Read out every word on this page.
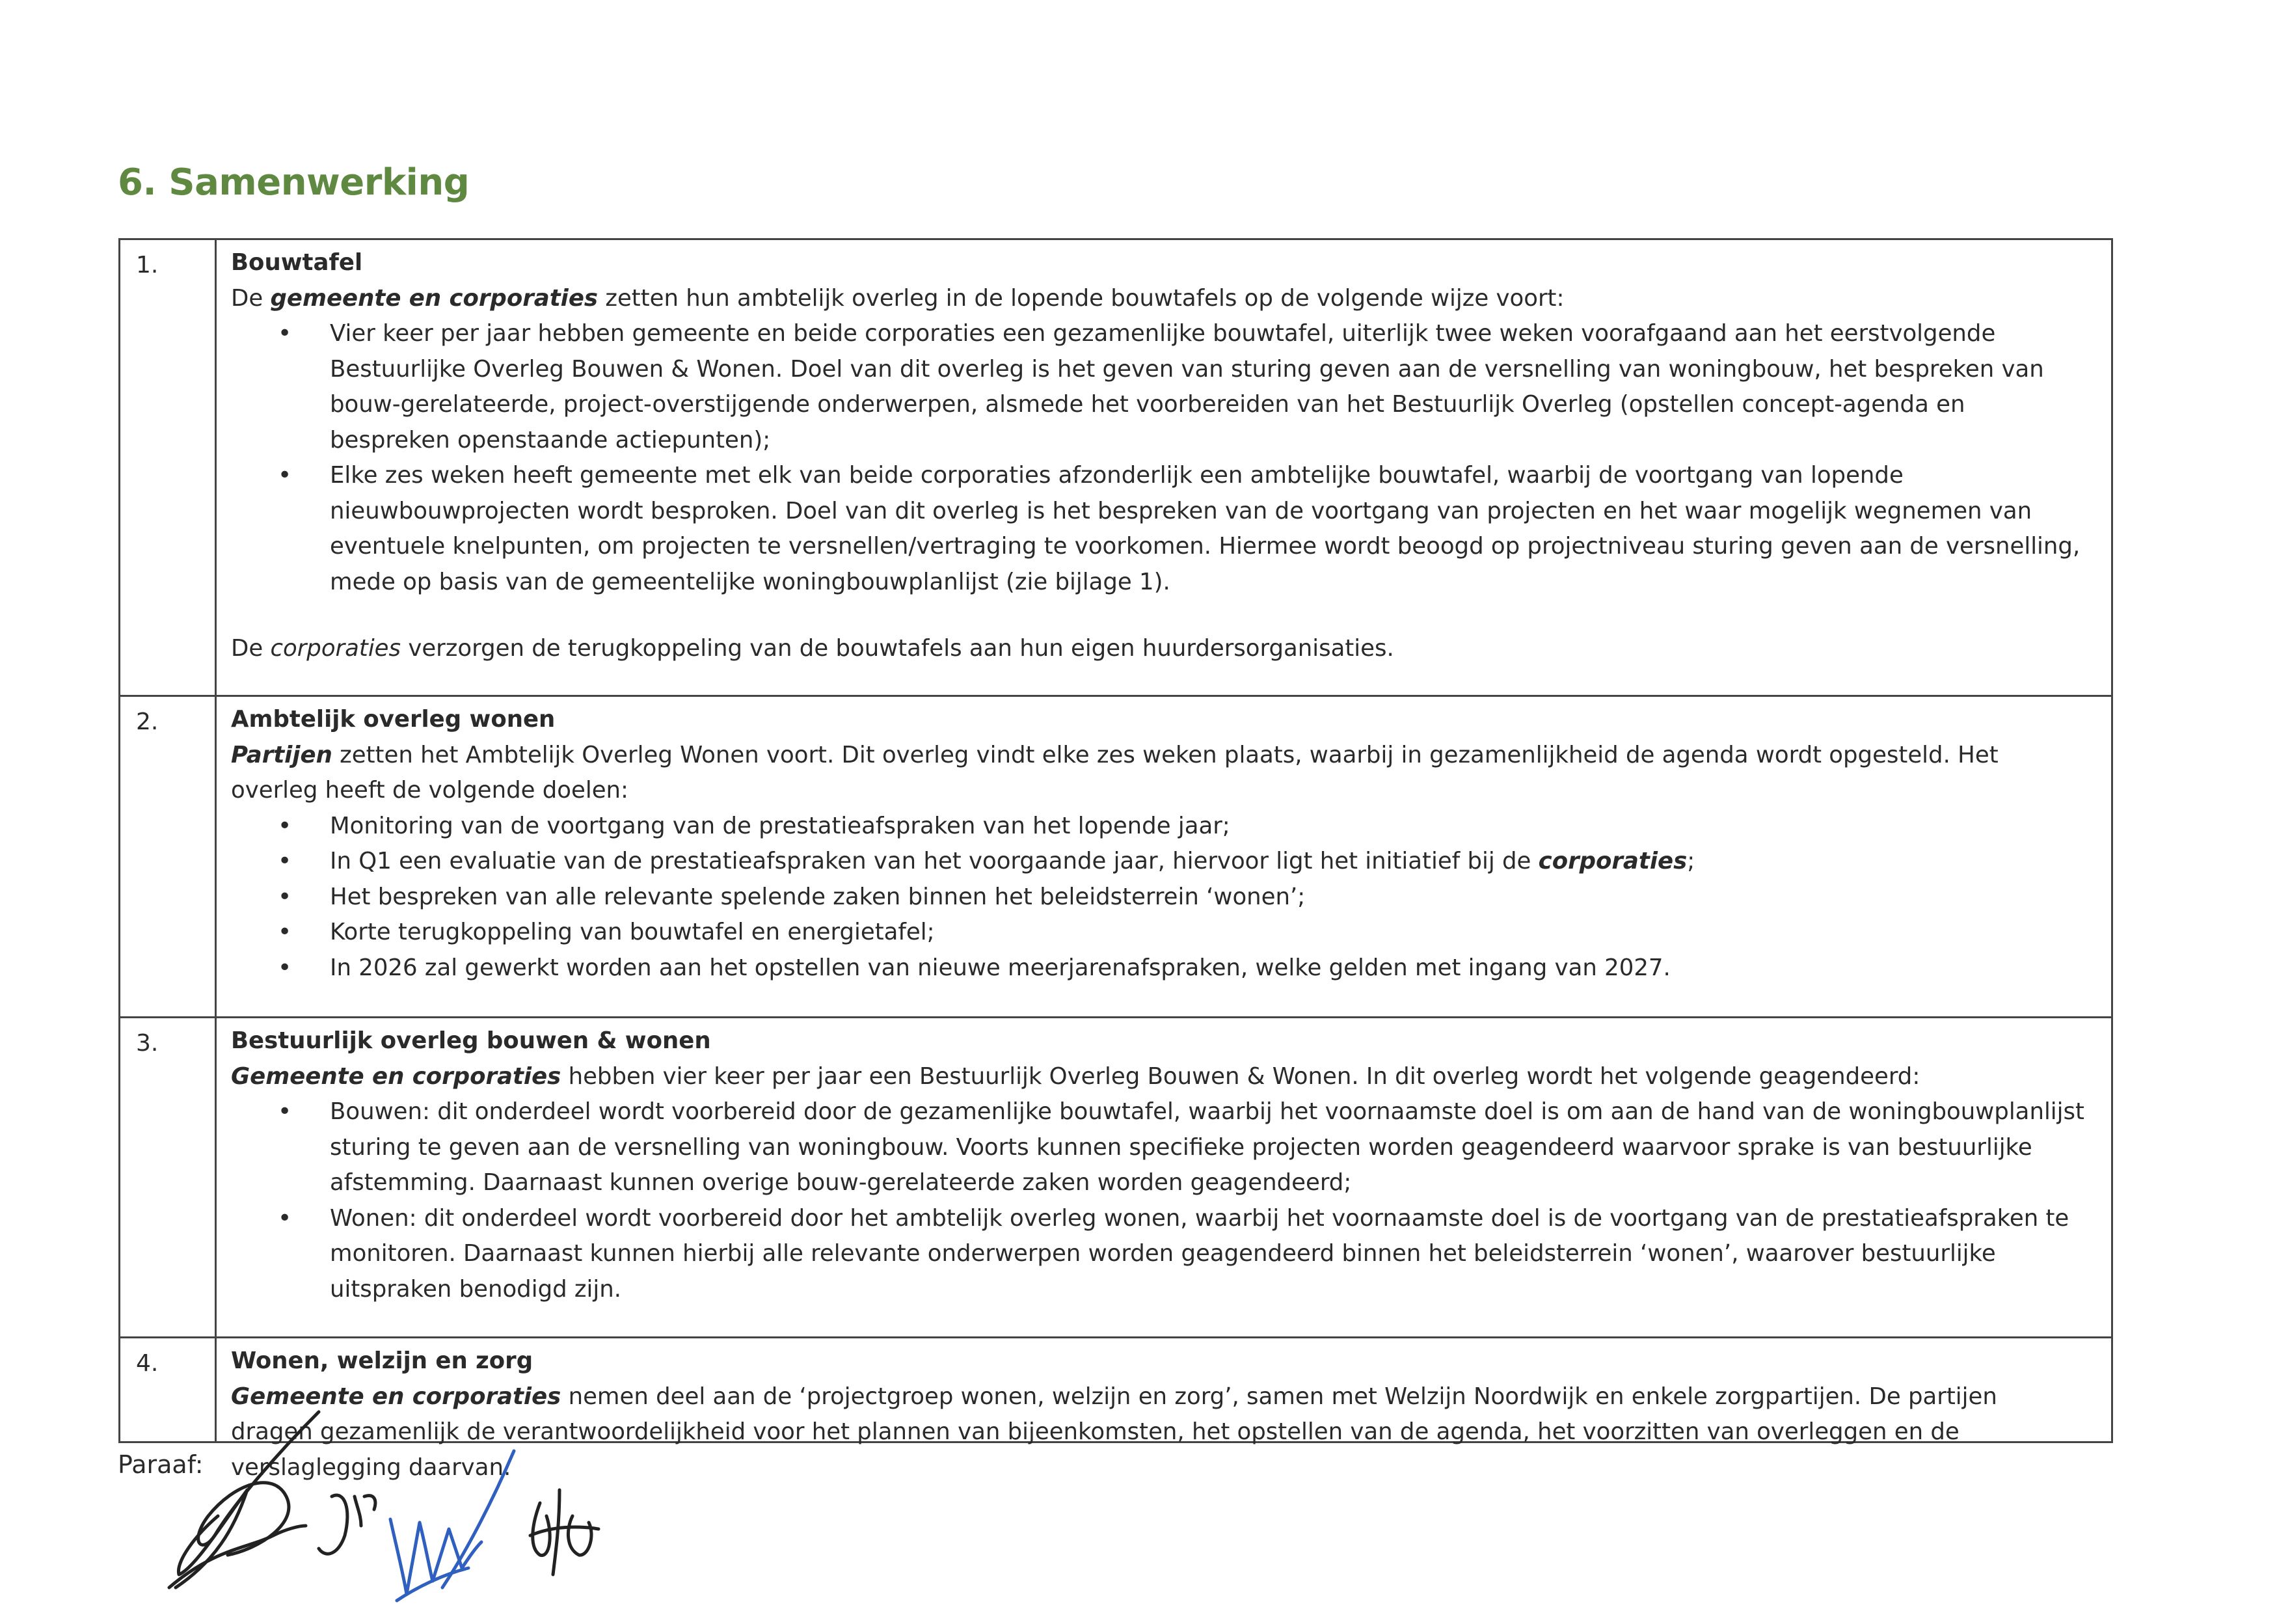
6. Samenwerking
1.	Bouwtafel

De gemeente en corporaties zetten hun ambtelijk overleg in de lopende bouwtafels op de volgende wijze voort:

• Vier keer per jaar hebben gemeente en beide corporaties een gezamenlijke bouwtafel, uiterlijk twee weken voorafgaand aan het eerstvolgende Bestuurlijke Overleg Bouwen & Wonen. Doel van dit overleg is het geven van sturing geven aan de versnelling van woningbouw, het bespreken van bouw-gerelateerde, project-overstijgende onderwerpen, alsmede het voorbereiden van het Bestuurlijk Overleg (opstellen concept-agenda en bespreken openstaande actiepunten);
• Elke zes weken heeft gemeente met elk van beide corporaties afzonderlijk een ambtelijke bouwtafel, waarbij de voortgang van lopende nieuwbouwprojecten wordt besproken. Doel van dit overleg is het bespreken van de voortgang van projecten en het waar mogelijk wegnemen van eventuele knelpunten, om projecten te versnellen/vertraging te voorkomen. Hiermee wordt beoogd op projectniveau sturing geven aan de versnelling, mede op basis van de gemeentelijke woningbouwplanlijst (zie bijlage 1).

De corporaties verzorgen de terugkoppeling van de bouwtafels aan hun eigen huurdersorganisaties.

2.	Ambtelijk overleg wonen

Partijen zetten het Ambtelijk Overleg Wonen voort. Dit overleg vindt elke zes weken plaats, waarbij in gezamenlijkheid de agenda wordt opgesteld. Het overleg heeft de volgende doelen:

• Monitoring van de voortgang van de prestatieafspraken van het lopende jaar;
• In Q1 een evaluatie van de prestatieafspraken van het voorgaande jaar, hiervoor ligt het initiatief bij de corporaties;
• Het bespreken van alle relevante spelende zaken binnen het beleidsterrein ‘wonen’;
• Korte terugkoppeling van bouwtafel en energietafel;
• In 2026 zal gewerkt worden aan het opstellen van nieuwe meerjarenafspraken, welke gelden met ingang van 2027.
3.	Bestuurlijk overleg bouwen & wonen

Gemeente en corporaties hebben vier keer per jaar een Bestuurlijk Overleg Bouwen & Wonen. In dit overleg wordt het volgende geagendeerd:

• Bouwen: dit onderdeel wordt voorbereid door de gezamenlijke bouwtafel, waarbij het voornaamste doel is om aan de hand van de woningbouwplanlijst sturing te geven aan de versnelling van woningbouw. Voorts kunnen specifieke projecten worden geagendeerd waarvoor sprake is van bestuurlijke afstemming. Daarnaast kunnen overige bouw-gerelateerde zaken worden geagendeerd;
• Wonen: dit onderdeel wordt voorbereid door het ambtelijk overleg wonen, waarbij het voornaamste doel is de voortgang van de prestatieafspraken te monitoren. Daarnaast kunnen hierbij alle relevante onderwerpen worden geagendeerd binnen het beleidsterrein ‘wonen’, waarover bestuurlijke uitspraken benodigd zijn.
4.	Wonen, welzijn en zorg

Gemeente en corporaties nemen deel aan de ‘projectgroep wonen, welzijn en zorg’, samen met Welzijn Noordwijk en enkele zorgpartijen. De partijen dragen gezamenlijk de verantwoordelijkheid voor het plannen van bijeenkomsten, het opstellen van de agenda, het voorzitten van overleggen en de verslaglegging daarvan.

Paraaf:
